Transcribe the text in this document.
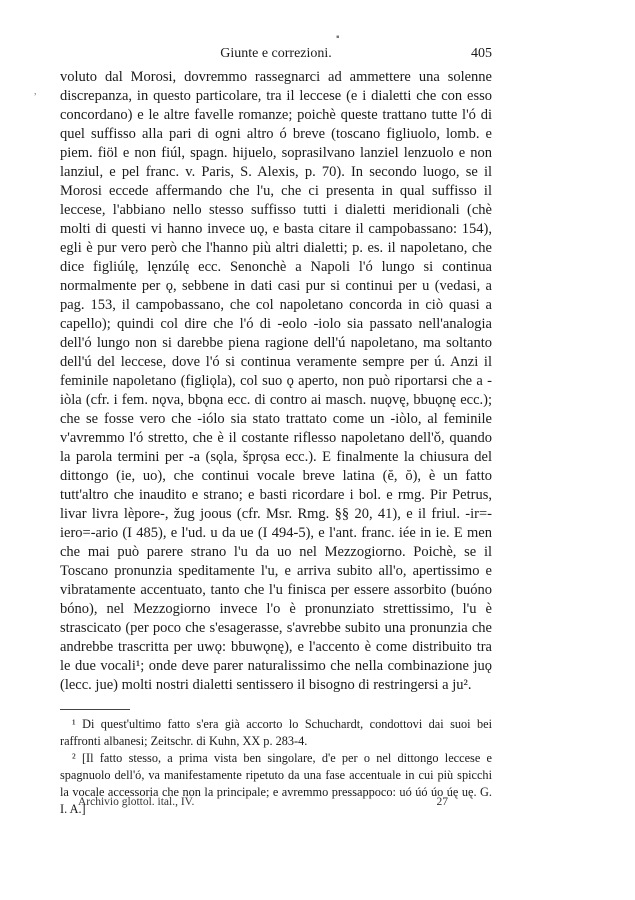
,
▪
Giunte e correzioni.	405

voluto dal Morosi, dovremmo rassegnarci ad ammettere una solenne discrepanza, in questo particolare, tra il leccese (e i dialetti che con esso concordano) e le altre favelle romanze; poichè queste trattano tutte l'ó di quel suffisso alla pari di ogni altro ó breve (toscano figliuolo, lomb. e piem. fiöl e non fiúl, spagn. hijuelo, soprasilvano lanziel lenzuolo e non lanziul, e pel franc. v. Paris, S. Alexis, p. 70). In secondo luogo, se il Morosi eccede affermando che l'u, che ci presenta in qual suffisso il leccese, l'abbiano nello stesso suffisso tutti i dialetti meridionali (chè molti di questi vi hanno invece uǫ, e basta citare il campobassano: 154), egli è pur vero però che l'hanno più altri dialetti; p. es. il napoletano, che dice figliúlę, lęnzúlę ecc. Senonchè a Napoli l'ó lungo si continua normalmente per ǫ, sebbene in dati casi pur si continui per u (vedasi, a pag. 153, il campobassano, che col napoletano concorda in ciò quasi a capello); quindi col dire che l'ó di -eolo -iolo sia passato nell'analogia dell'ó lungo non si darebbe piena ragione dell'ú napoletano, ma soltanto dell'ú del leccese, dove l'ó si continua veramente sempre per ú. Anzi il feminile napoletano (figliǫla), col suo ǫ aperto, non può riportarsi che a -iòla (cfr. i fem. nǫva, bbǫna ecc. di contro ai masch. nuǫvę, bbuǫnę ecc.); che se fosse vero che -iólo sia stato trattato come un -iòlo, al feminile v'avremmo l'ó stretto, che è il costante riflesso napoletano dell'ǒ, quando la parola termini per -a (sǫla, šprǫsa ecc.). E finalmente la chiusura del dittongo (ie, uo), che continui vocale breve latina (ĕ, ŏ), è un fatto tutt'altro che inaudito e strano; e basti ricordare i bol. e rmg. Pir Petrus, livar livra lèpore-, žug joous (cfr. Msr. Rmg. §§ 20, 41), e il friul. -ir=-iero=-ario (I 485), e l'ud. u da ue (I 494-5), e l'ant. franc. iée in ie. E men che mai può parere strano l'u da uo nel Mezzogiorno. Poichè, se il Toscano pronunzia speditamente l'u, e arriva subito all'o, apertissimo e vibratamente accentuato, tanto che l'u finisca per essere assorbito (buóno bóno), nel Mezzogiorno invece l'o è pronunziato strettissimo, l'u è strascicato (per poco che s'esagerasse, s'avrebbe subito una pronunzia che andrebbe trascritta per uwǫ: bbuwǫnę), e l'accento è come distribuito tra le due vocali¹; onde deve parer naturalissimo che nella combinazione juǫ (lecc. jue) molti nostri dialetti sentissero il bisogno di restringersi a ju².

¹ Di quest'ultimo fatto s'era già accorto lo Schuchardt, condottovi dai suoi bei raffronti albanesi; Zeitschr. di Kuhn, XX p. 283-4.

² [Il fatto stesso, a prima vista ben singolare, d'e per o nel dittongo leccese e spagnuolo dell'ó, va manifestamente ripetuto da una fase accentuale in cui più spicchi la vocale accessoria che non la principale; e avremmo pressappoco: uó úó úo úę uę. G. I. A.]

Archivio glottol. ital., IV.	27
